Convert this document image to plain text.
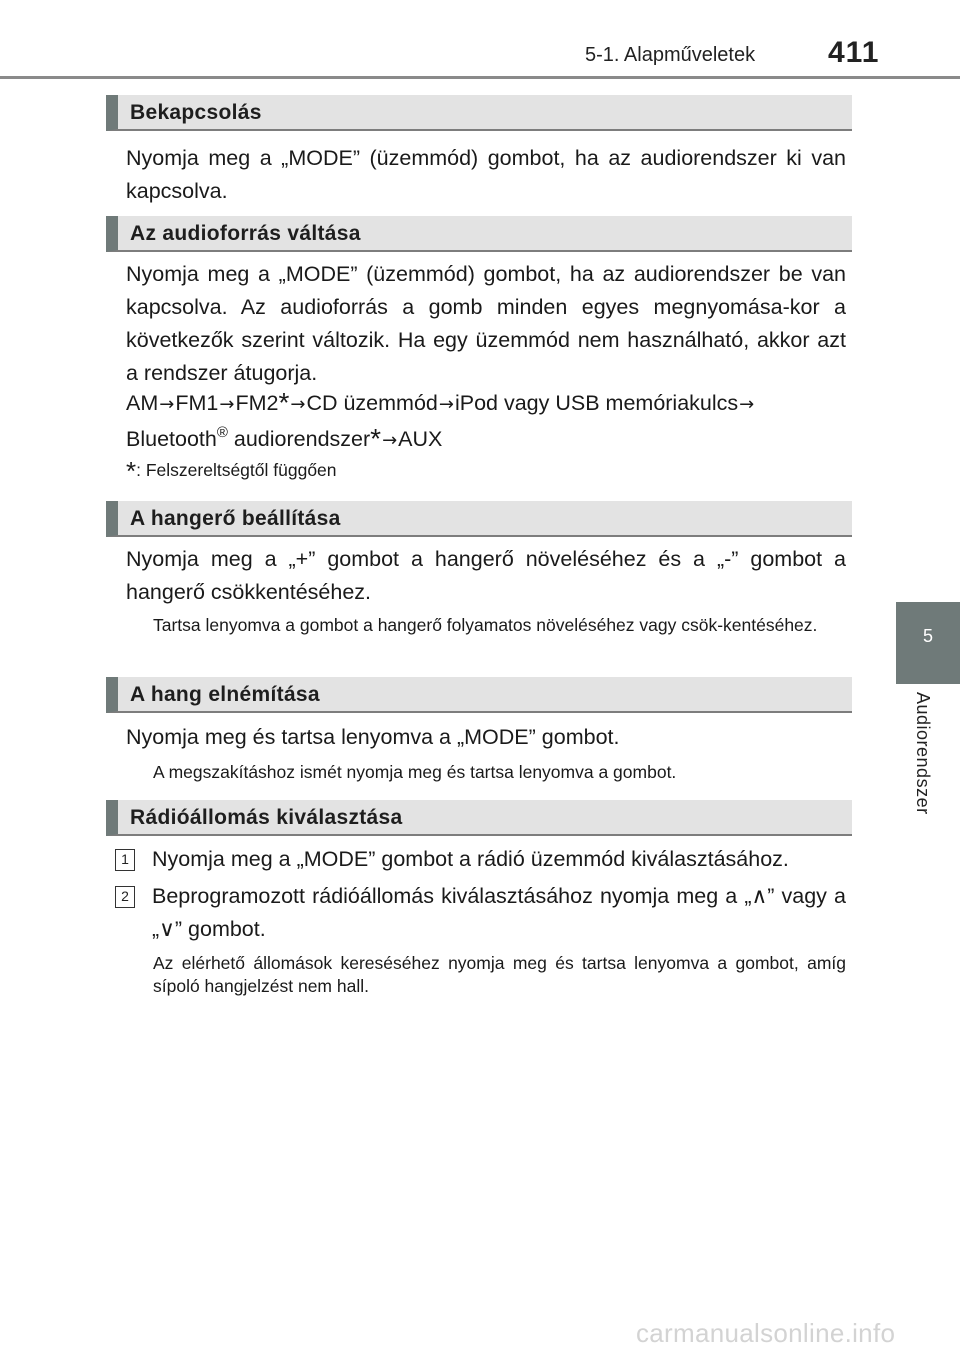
5-1. Alapműveletek 411
5
Audiorendszer
Bekapcsolás
Nyomja meg a „MODE” (üzemmód) gombot, ha az audiorendszer ki van kapcsolva.
Az audioforrás váltása
Nyomja meg a „MODE” (üzemmód) gombot, ha az audiorendszer be van kapcsolva. Az audioforrás a gomb minden egyes megnyomása-kor a következők szerint változik. Ha egy üzemmód nem használható, akkor azt a rendszer átugorja.
AM→FM1→FM2*→CD üzemmód→iPod vagy USB memóriakulcs→
Bluetooth® audiorendszer*→AUX
*: Felszereltségtől függően
A hangerő beállítása
Nyomja meg a „+” gombot a hangerő növeléséhez és a „-” gombot a hangerő csökkentéséhez.
Tartsa lenyomva a gombot a hangerő folyamatos növeléséhez vagy csök-kentéséhez.
A hang elnémítása
Nyomja meg és tartsa lenyomva a „MODE” gombot.
A megszakításhoz ismét nyomja meg és tartsa lenyomva a gombot.
Rádióállomás kiválasztása
1 Nyomja meg a „MODE” gombot a rádió üzemmód kiválasztásához.
2 Beprogramozott rádióállomás kiválasztásához nyomja meg a „∧” vagy a „∨” gombot.
Az elérhető állomások kereséséhez nyomja meg és tartsa lenyomva a gombot, amíg sípoló hangjelzést nem hall.
carmanualsonline.info
